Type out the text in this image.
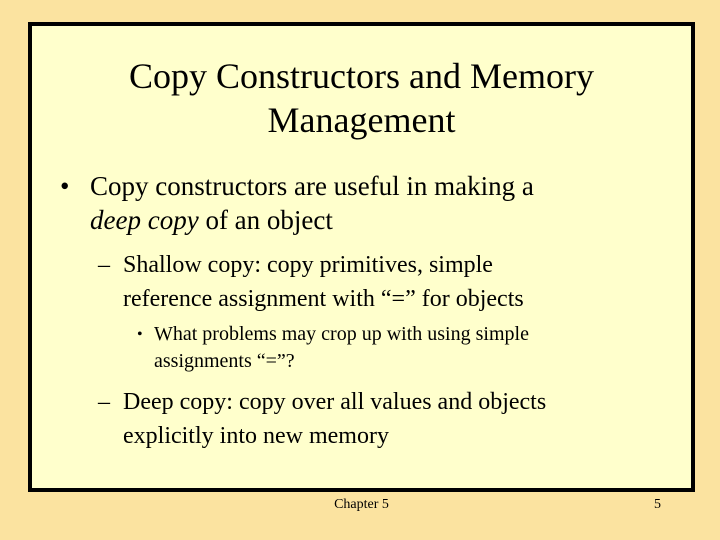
Copy Constructors and Memory
Management
• Copy constructors are useful in making a
deep copy of an object
– Shallow copy: copy primitives, simple
reference assignment with “=” for objects
• What problems may crop up with using simple
assignments “=”?
– Deep copy: copy over all values and objects
explicitly into new memory
Chapter 5	5
